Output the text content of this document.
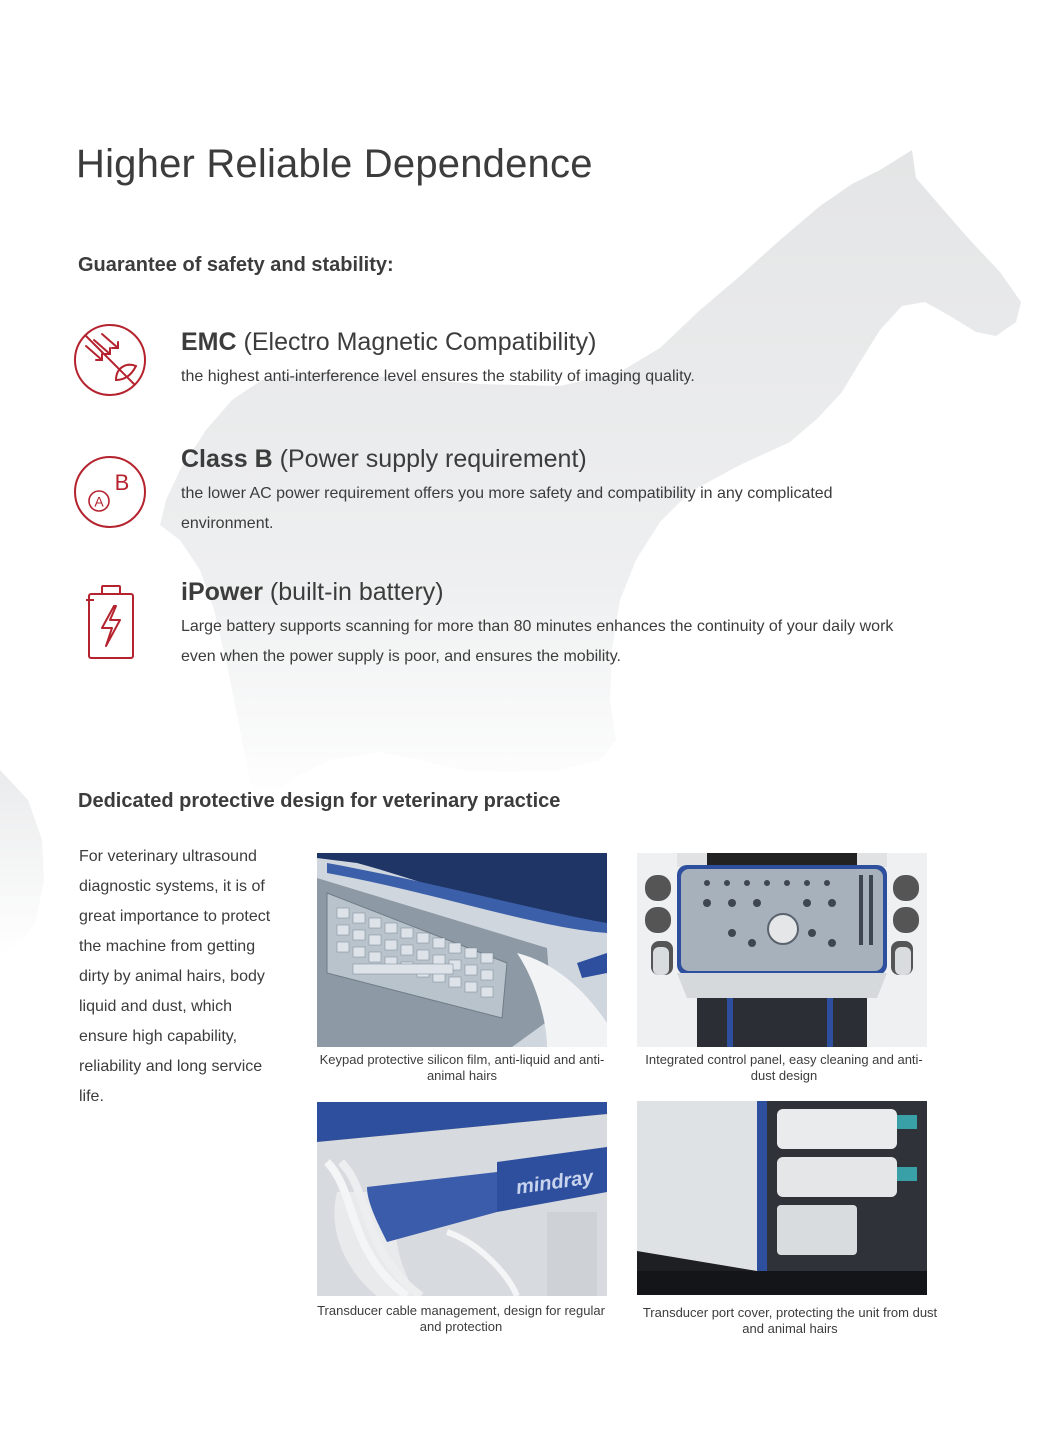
Higher Reliable Dependence
Guarantee of safety and stability:
EMC (Electro Magnetic Compatibility)
the highest anti-interference level ensures the stability of imaging quality.
A
B
Class B (Power supply requirement)
the lower AC power requirement offers you more safety and compatibility in any complicated environment.
iPower (built-in battery)
Large battery supports scanning for more than 80 minutes enhances the continuity of your daily work even when the power supply is poor, and ensures the mobility.
Dedicated protective design for veterinary practice
For veterinary ultrasound diagnostic systems, it is of great importance to protect the machine from getting dirty by animal hairs, body liquid and dust, which ensure high capability, reliability and long service life.
Keypad protective silicon film, anti-liquid and anti-animal hairs
Integrated control panel, easy cleaning and anti-dust design
mindray
Transducer cable management, design for regular and protection
Transducer port cover, protecting the unit from dust and animal hairs
